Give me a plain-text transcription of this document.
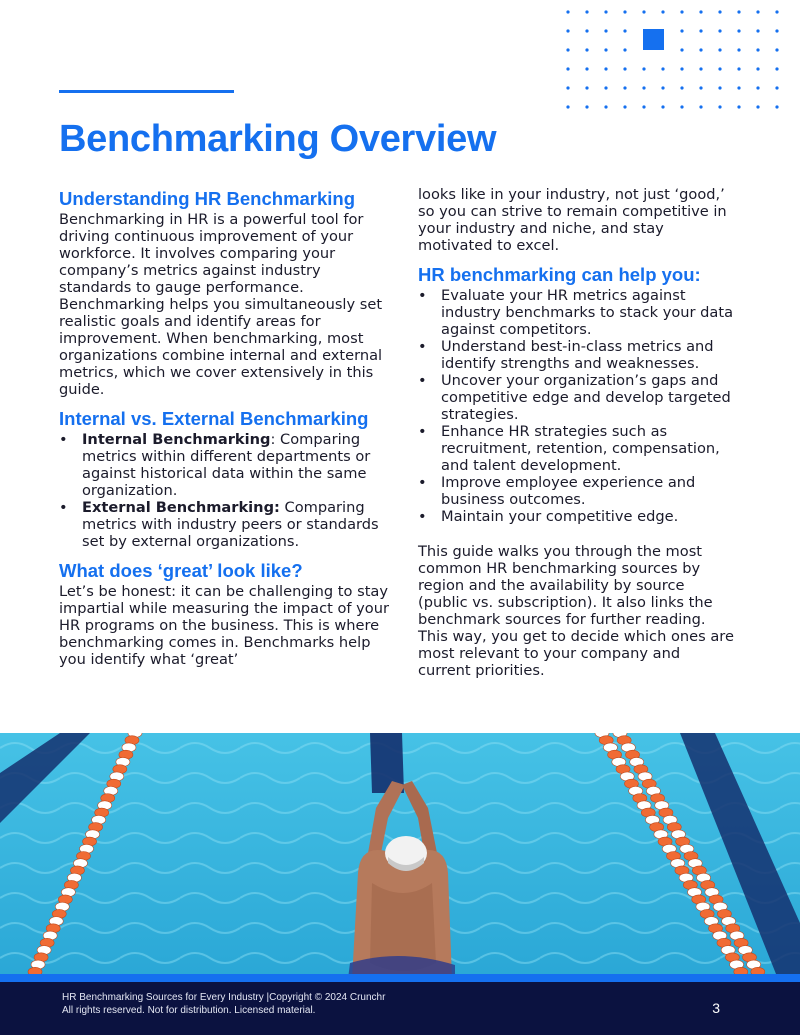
Benchmarking Overview
Understanding HR Benchmarking

Benchmarking in HR is a powerful tool for driving continuous improvement of your workforce. It involves comparing your company’s metrics against industry standards to gauge performance. Benchmarking helps you simultaneously set realistic goals and identify areas for improvement. When benchmarking, most organizations combine internal and external metrics, which we cover extensively in this guide.

Internal vs. External Benchmarking
• Internal Benchmarking: Comparing metrics within different departments or against historical data within the same organization.
• External Benchmarking: Comparing metrics with industry peers or standards set by external organizations.
What does ‘great’ look like?

Let’s be honest: it can be challenging to stay impartial while measuring the impact of your HR programs on the business. This is where benchmarking comes in. Benchmarks help you identify what ‘great’

looks like in your industry, not just ‘good,’ so you can strive to remain competitive in your industry and niche, and stay motivated to excel.

HR benchmarking can help you:
• Evaluate your HR metrics against industry benchmarks to stack your data against competitors.
• Understand best-in-class metrics and identify strengths and weaknesses.
• Uncover your organization’s gaps and competitive edge and develop targeted strategies.
• Enhance HR strategies such as recruitment, retention, compensation, and talent development.
• Improve employee experience and business outcomes.
• Maintain your competitive edge.

This guide walks you through the most common HR benchmarking sources by region and the availability by source (public vs. subscription). It also links the benchmark sources for further reading. This way, you get to decide which ones are most relevant to your company and current priorities.

HR Benchmarking Sources for Every Industry |Copyright © 2024 Crunchr
All rights reserved. Not for distribution. Licensed material.	3
